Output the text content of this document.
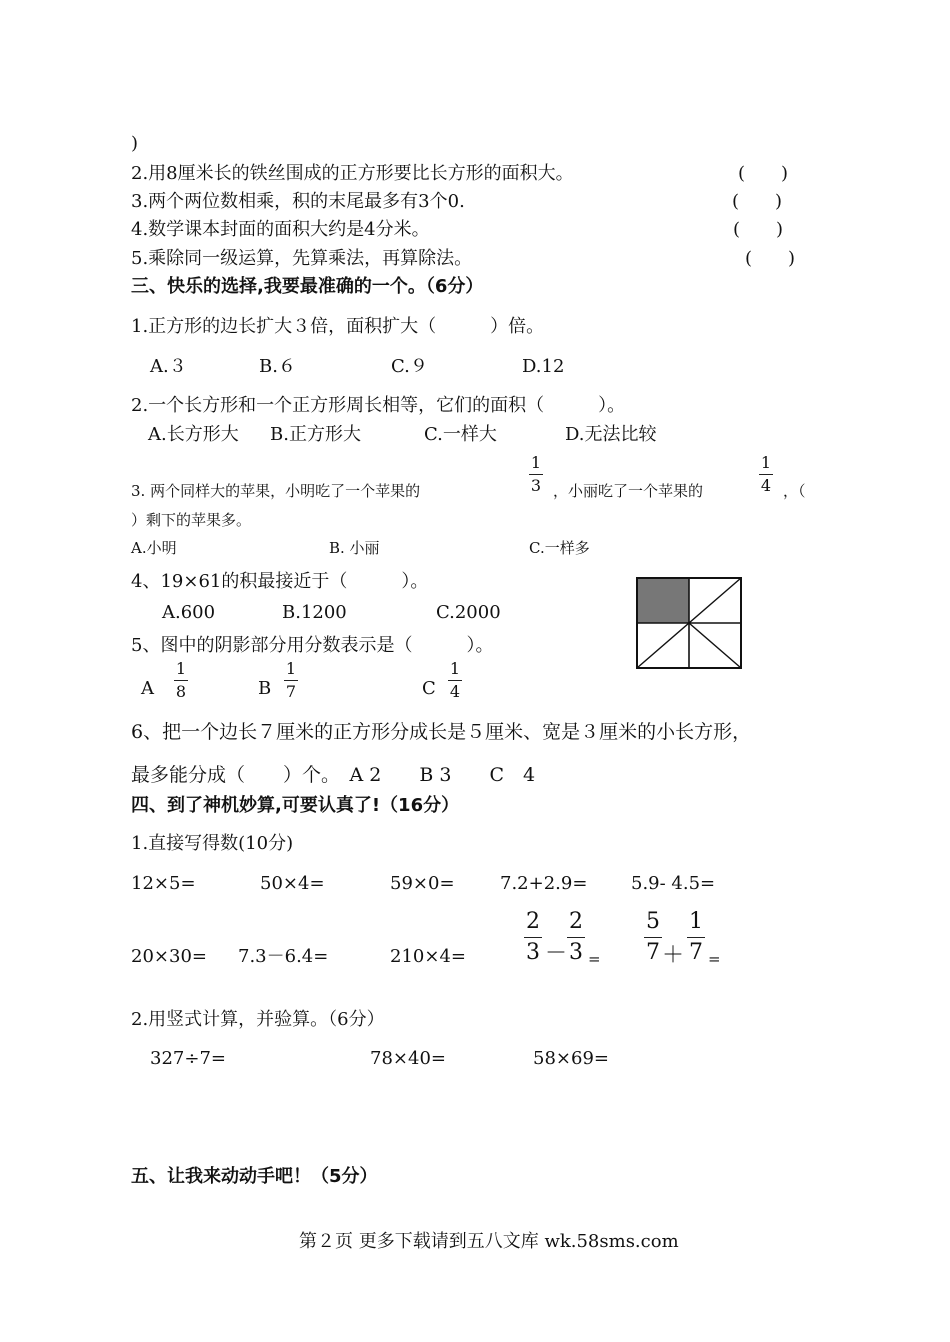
)
2.用8厘米长的铁丝围成的正方形要比长方形的面积大。	(　　)
3.两个两位数相乘，积的末尾最多有3个0.	(　　)
4.数学课本封面的面积大约是4分米。	(　　)
5.乘除同一级运算，先算乘法，再算除法。	(　　)
三、快乐的选择,我要最准确的一个。（6分）
1.正方形的边长扩大３倍，面积扩大（　　　）倍。
A.３	B.６	C.９	D.12
2.一个长方形和一个正方形周长相等，它们的面积（　　　）。
A.长方形大 B.正方形大	C.一样大	D.无法比较
3. 两个同样大的苹果，小明吃了一个苹果的
1
3 ，小丽吃了一个苹果的
1
4 ，（
）剩下的苹果多。
A.小明	B. 小丽	C.一样多
4、19×61的积最接近于（　　　）。
A.600	B.1200	C.2000
5、图中的阴影部分用分数表示是（　　　）。
A
1
8	B
1
7	C
1
4
6、把一个边长７厘米的正方形分成长是５厘米、宽是３厘米的小长方形，
最多能分成（　　）个。　A 2　　B 3　　C　4
四、到了神机妙算,可要认真了!（16分）
1.直接写得数(10分)
12×5=	50×4=	59×0=	7.2+2.9= 5.9- 4.5=
20×30= 7.3－6.4=	210×4=
2
3 －
2
3 =
5
7 ＋
1
7 =
2.用竖式计算，并验算。（6分）
327÷7=	78×40=	58×69=
五、让我来动动手吧！（5分）
第２页 更多下载请到五八文库 wk.58sms.com
